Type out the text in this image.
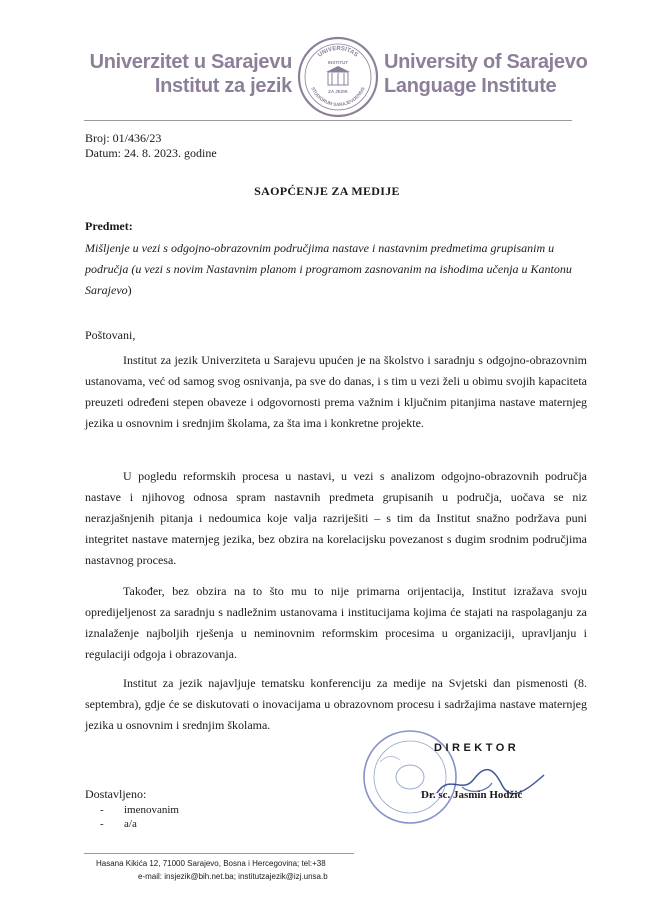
Univerzitet u Sarajevu
Institut za jezik
UNIVERSITAS
STUDIORUM SARAJEVOENSIS
INSTITUT
ZA JEZIK
University of Sarajevo
Language Institute
Broj: 01/436/23
Datum: 24. 8. 2023. godine
SAOPĆENJE ZA MEDIJE
Predmet:
Mišljenje u vezi s odgojno-obrazovnim područjima nastave i nastavnim predmetima grupisanim u područja (u vezi s novim Nastavnim planom i programom zasnovanim na ishodima učenja u Kantonu Sarajevo)
Poštovani,

Institut za jezik Univerziteta u Sarajevu upućen je na školstvo i saradnju s odgojno-obrazovnim ustanovama, već od samog svog osnivanja, pa sve do danas, i s tim u vezi želi u obimu svojih kapaciteta preuzeti određeni stepen obaveze i odgovornosti prema važnim i ključnim pitanjima nastave maternjeg jezika u osnovnim i srednjim školama, za šta ima i konkretne projekte.

U pogledu reformskih procesa u nastavi, u vezi s analizom odgojno-obrazovnih područja nastave i njihovog odnosa spram nastavnih predmeta grupisanih u područja, uočava se niz nerazjašnjenih pitanja i nedoumica koje valja razriješiti – s tim da Institut snažno podržava puni integritet nastave maternjeg jezika, bez obzira na korelacijsku povezanost s dugim srodnim područjima nastavnog procesa.

Također, bez obzira na to što mu to nije primarna orijentacija, Institut izražava svoju opredijeljenost za saradnju s nadležnim ustanovama i institucijama kojima će stajati na raspolaganju za iznalaženje najboljih rješenja u neminovnim reformskim procesima u organizaciji, upravljanju i regulaciji odgoja i obrazovanja.

Institut za jezik najavljuje tematsku konferenciju za medije na Svjetski dan pismenosti (8. septembra), gdje će se diskutovati o inovacijama u obrazovnom procesu i sadržajima nastave maternjeg jezika u osnovnim i srednjim školama.

DIREKTOR
Dr. sc. Jasmin Hodžić
Dostavljeno:
- imenovanim
- a/a
Hasana Kikića 12, 71000 Sarajevo, Bosna i Hercegovina; tel:+38
e-mail: insjezik@bih.net.ba; institutzajezik@izj.unsa.b
